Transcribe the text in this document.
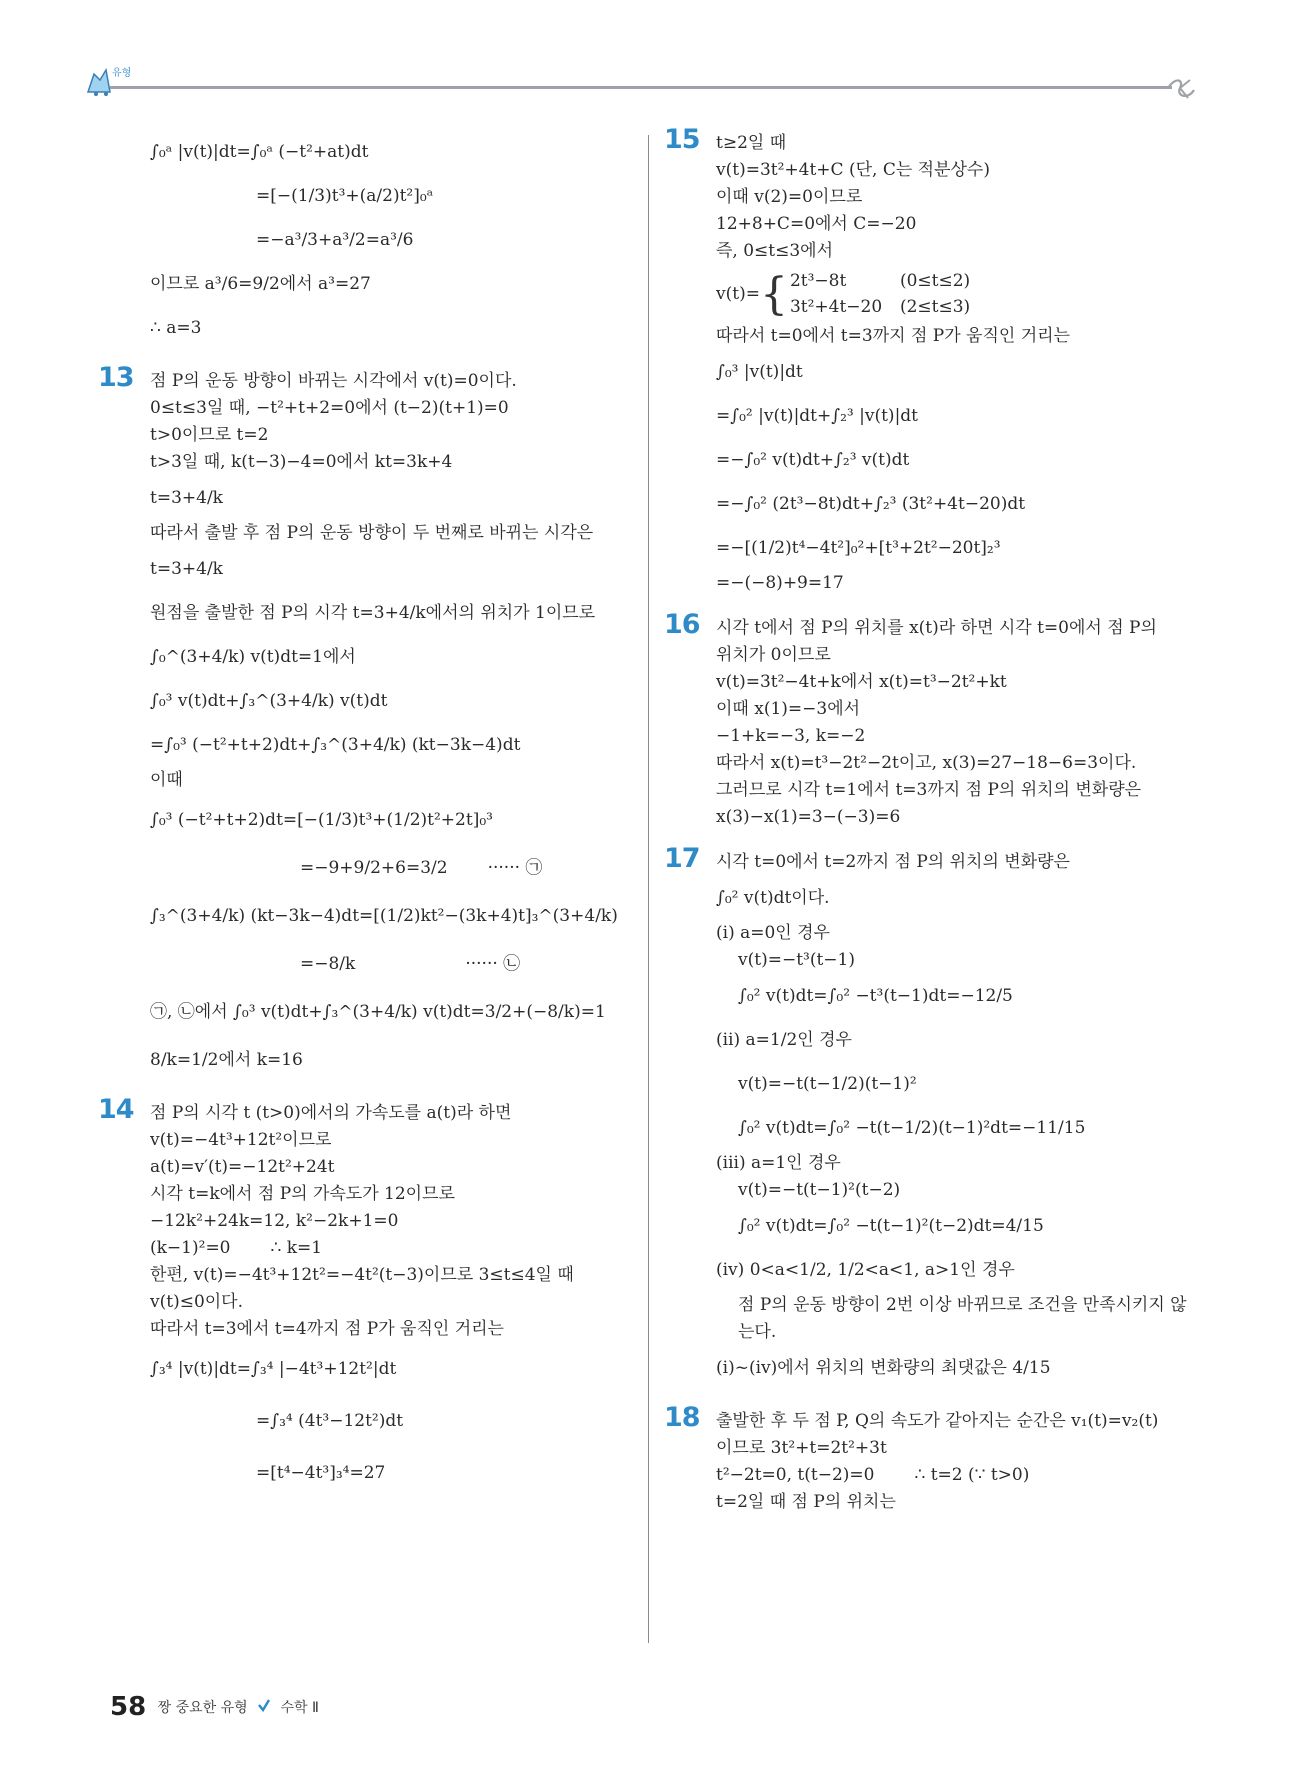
유형
∫₀ᵃ |v(t)|dt=∫₀ᵃ (−t²+at)dt
=[−(1/3)t³+(a/2)t²]₀ᵃ
=−a³/3+a³/2=a³/6
이므로 a³/6=9/2에서 a³=27
∴ a=3
13 점 P의 운동 방향이 바뀌는 시각에서 v(t)=0이다.
0≤t≤3일 때, −t²+t+2=0에서 (t−2)(t+1)=0
t>0이므로 t=2
t>3일 때, k(t−3)−4=0에서 kt=3k+4
t=3+4/k
따라서 출발 후 점 P의 운동 방향이 두 번째로 바뀌는 시각은
t=3+4/k
원점을 출발한 점 P의 시각 t=3+4/k에서의 위치가 1이므로
∫₀^(3+4/k) v(t)dt=1에서
∫₀³ v(t)dt+∫₃^(3+4/k) v(t)dt
=∫₀³ (−t²+t+2)dt+∫₃^(3+4/k) (kt−3k−4)dt
이때
∫₀³ (−t²+t+2)dt=[−(1/3)t³+(1/2)t²+2t]₀³
=−9+9/2+6=3/2 ······ ㉠
∫₃^(3+4/k) (kt−3k−4)dt=[(1/2)kt²−(3k+4)t]₃^(3+4/k)
=−8/k	······ ㉡
㉠, ㉡에서 ∫₀³ v(t)dt+∫₃^(3+4/k) v(t)dt=3/2+(−8/k)=1
8/k=1/2에서 k=16
14 점 P의 시각 t (t>0)에서의 가속도를 a(t)라 하면
v(t)=−4t³+12t²이므로
a(t)=v′(t)=−12t²+24t
시각 t=k에서 점 P의 가속도가 12이므로
−12k²+24k=12, k²−2k+1=0
(k−1)²=0 ∴ k=1
한편, v(t)=−4t³+12t²=−4t²(t−3)이므로 3≤t≤4일 때
v(t)≤0이다.
따라서 t=3에서 t=4까지 점 P가 움직인 거리는
∫₃⁴ |v(t)|dt=∫₃⁴ |−4t³+12t²|dt
=∫₃⁴ (4t³−12t²)dt
=[t⁴−4t³]₃⁴=27
15 t≥2일 때
v(t)=3t²+4t+C (단, C는 적분상수)
이때 v(2)=0이므로
12+8+C=0에서 C=−20
즉, 0≤t≤3에서
v(t)= { 2t³−8t	(0≤t≤2)
3t²+4t−20 (2≤t≤3)
따라서 t=0에서 t=3까지 점 P가 움직인 거리는
∫₀³ |v(t)|dt
=∫₀² |v(t)|dt+∫₂³ |v(t)|dt
=−∫₀² v(t)dt+∫₂³ v(t)dt
=−∫₀² (2t³−8t)dt+∫₂³ (3t²+4t−20)dt
=−[(1/2)t⁴−4t²]₀²+[t³+2t²−20t]₂³
=−(−8)+9=17
16 시각 t에서 점 P의 위치를 x(t)라 하면 시각 t=0에서 점 P의
위치가 0이므로
v(t)=3t²−4t+k에서 x(t)=t³−2t²+kt
이때 x(1)=−3에서
−1+k=−3, k=−2
따라서 x(t)=t³−2t²−2t이고, x(3)=27−18−6=3이다.
그러므로 시각 t=1에서 t=3까지 점 P의 위치의 변화량은
x(3)−x(1)=3−(−3)=6
17 시각 t=0에서 t=2까지 점 P의 위치의 변화량은
∫₀² v(t)dt이다.
(ⅰ) a=0인 경우
v(t)=−t³(t−1)
∫₀² v(t)dt=∫₀² −t³(t−1)dt=−12/5
(ⅱ) a=1/2인 경우
v(t)=−t(t−1/2)(t−1)²
∫₀² v(t)dt=∫₀² −t(t−1/2)(t−1)²dt=−11/15
(ⅲ) a=1인 경우
v(t)=−t(t−1)²(t−2)
∫₀² v(t)dt=∫₀² −t(t−1)²(t−2)dt=4/15
(ⅳ) 0<a<1/2, 1/2<a<1, a>1인 경우
점 P의 운동 방향이 2번 이상 바뀌므로 조건을 만족시키지 않
는다.
(ⅰ)~(ⅳ)에서 위치의 변화량의 최댓값은 4/15
18 출발한 후 두 점 P, Q의 속도가 같아지는 순간은 v₁(t)=v₂(t)
이므로 3t²+t=2t²+3t
t²−2t=0, t(t−2)=0 ∴ t=2 (∵ t>0)
t=2일 때 점 P의 위치는
58 짱 중요한 유형 수학 Ⅱ
